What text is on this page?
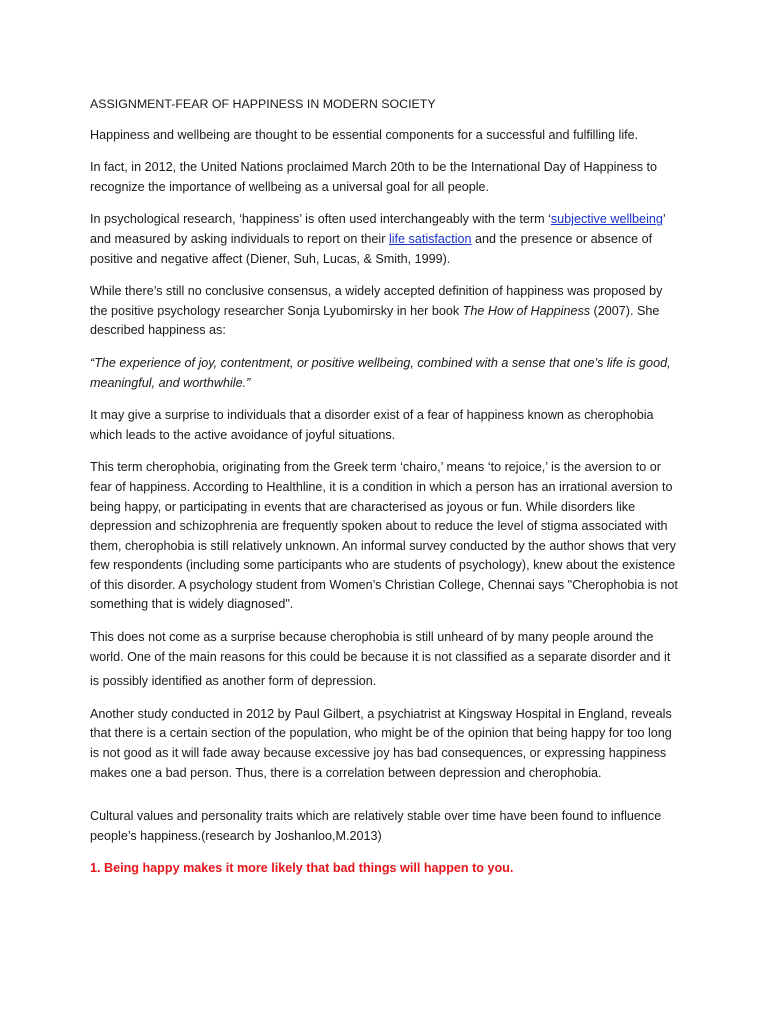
ASSIGNMENT-FEAR OF HAPPINESS IN MODERN SOCIETY

Happiness and wellbeing are thought to be essential components for a successful and fulfilling life.

In fact, in 2012, the United Nations proclaimed March 20th to be the International Day of Happiness to recognize the importance of wellbeing as a universal goal for all people.

In psychological research, ‘happiness’ is often used interchangeably with the term ‘subjective wellbeing’ and measured by asking individuals to report on their life satisfaction and the presence or absence of positive and negative affect (Diener, Suh, Lucas, & Smith, 1999).

While there’s still no conclusive consensus, a widely accepted definition of happiness was proposed by the positive psychology researcher Sonja Lyubomirsky in her book The How of Happiness (2007). She described happiness as:

“The experience of joy, contentment, or positive wellbeing, combined with a sense that one’s life is good, meaningful, and worthwhile.”

It may give a surprise to individuals that a disorder exist of a fear of happiness known as cherophobia which leads to the active avoidance of joyful situations.

This term cherophobia, originating from the Greek term ‘chairo,’ means ‘to rejoice,’ is the aversion to or fear of happiness. According to Healthline, it is a condition in which a person has an irrational aversion to being happy, or participating in events that are characterised as joyous or fun. While disorders like depression and schizophrenia are frequently spoken about to reduce the level of stigma associated with them, cherophobia is still relatively unknown. An informal survey conducted by the author shows that very few respondents (including some participants who are students of psychology), knew about the existence of this disorder. A psychology student from Women’s Christian College, Chennai says "Cherophobia is not something that is widely diagnosed".

This does not come as a surprise because cherophobia is still unheard of by many people around the world. One of the main reasons for this could be because it is not classified as a separate disorder and it is possibly identified as another form of depression.

Another study conducted in 2012 by Paul Gilbert, a psychiatrist at Kingsway Hospital in England, reveals that there is a certain section of the population, who might be of the opinion that being happy for too long is not good as it will fade away because excessive joy has bad consequences, or expressing happiness makes one a bad person. Thus, there is a correlation between depression and cherophobia.

Cultural values and personality traits which are relatively stable over time have been found to influence people’s happiness.(research by Joshanloo,M.2013)

1. Being happy makes it more likely that bad things will happen to you.
